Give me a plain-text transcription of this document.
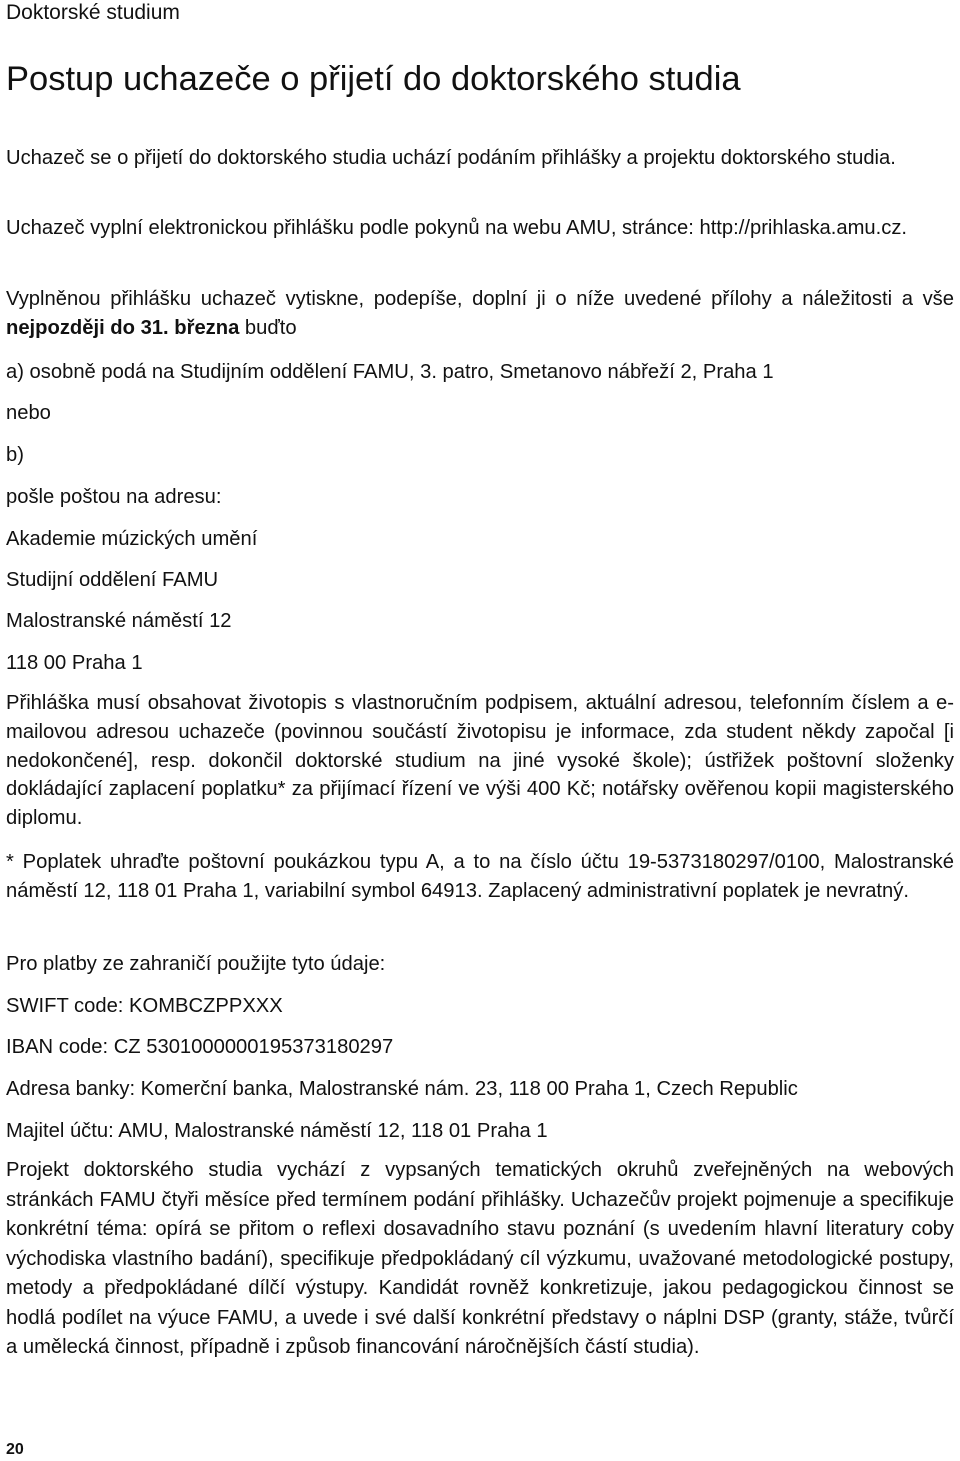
Doktorské studium
Postup uchazeče o přijetí do doktorského studia

Uchazeč se o přijetí do doktorského studia uchází podáním přihlášky a projektu doktorského studia.

Uchazeč vyplní elektronickou přihlášku podle pokynů na webu AMU, stránce: http://prihlaska.amu.cz.

Vyplněnou přihlášku uchazeč vytiskne, podepíše, doplní ji o níže uvedené přílohy a náležitosti a vše nejpozději do 31. března buďto

a) osobně podá na Studijním oddělení FAMU, 3. patro, Smetanovo nábřeží 2, Praha 1

nebo

b)

pošle poštou na adresu:

Akademie múzických umění

Studijní oddělení FAMU

Malostranské náměstí 12

118 00 Praha 1

Přihláška musí obsahovat životopis s vlastnoručním podpisem, aktuální adresou, telefonním číslem a e-mailovou adresou uchazeče (povinnou součástí životopisu je informace, zda student někdy započal [i nedokončené], resp. dokončil doktorské studium na jiné vysoké škole); ústřižek poštovní složenky dokládající zaplacení poplatku* za přijímací řízení ve výši 400 Kč; notářsky ověřenou kopii magisterského diplomu.

* Poplatek uhraďte poštovní poukázkou typu A, a to na číslo účtu 19-5373180297/0100, Malostranské náměstí 12, 118 01 Praha 1, variabilní symbol 64913. Zaplacený administrativní poplatek je nevratný.

Pro platby ze zahraničí použijte tyto údaje:

SWIFT code: KOMBCZPPXXX

IBAN code: CZ 5301000000195373180297

Adresa banky: Komerční banka, Malostranské nám. 23, 118 00 Praha 1, Czech Republic

Majitel účtu: AMU, Malostranské náměstí 12, 118 01 Praha 1

Projekt doktorského studia vychází z vypsaných tematických okruhů zveřejněných na webových stránkách FAMU čtyři měsíce před termínem podání přihlášky. Uchazečův projekt pojmenuje a specifikuje konkrétní téma: opírá se přitom o reflexi dosavadního stavu poznání (s uvedením hlavní literatury coby východiska vlastního badání), specifikuje předpokládaný cíl výzkumu, uvažované metodologické postupy, metody a předpokládané dílčí výstupy. Kandidát rovněž konkretizuje, jakou pedagogickou činnost se hodlá podílet na výuce FAMU, a uvede i své další konkrétní představy o náplni DSP (granty, stáže, tvůrčí a umělecká činnost, případně i způsob financování náročnějších částí studia).

20
